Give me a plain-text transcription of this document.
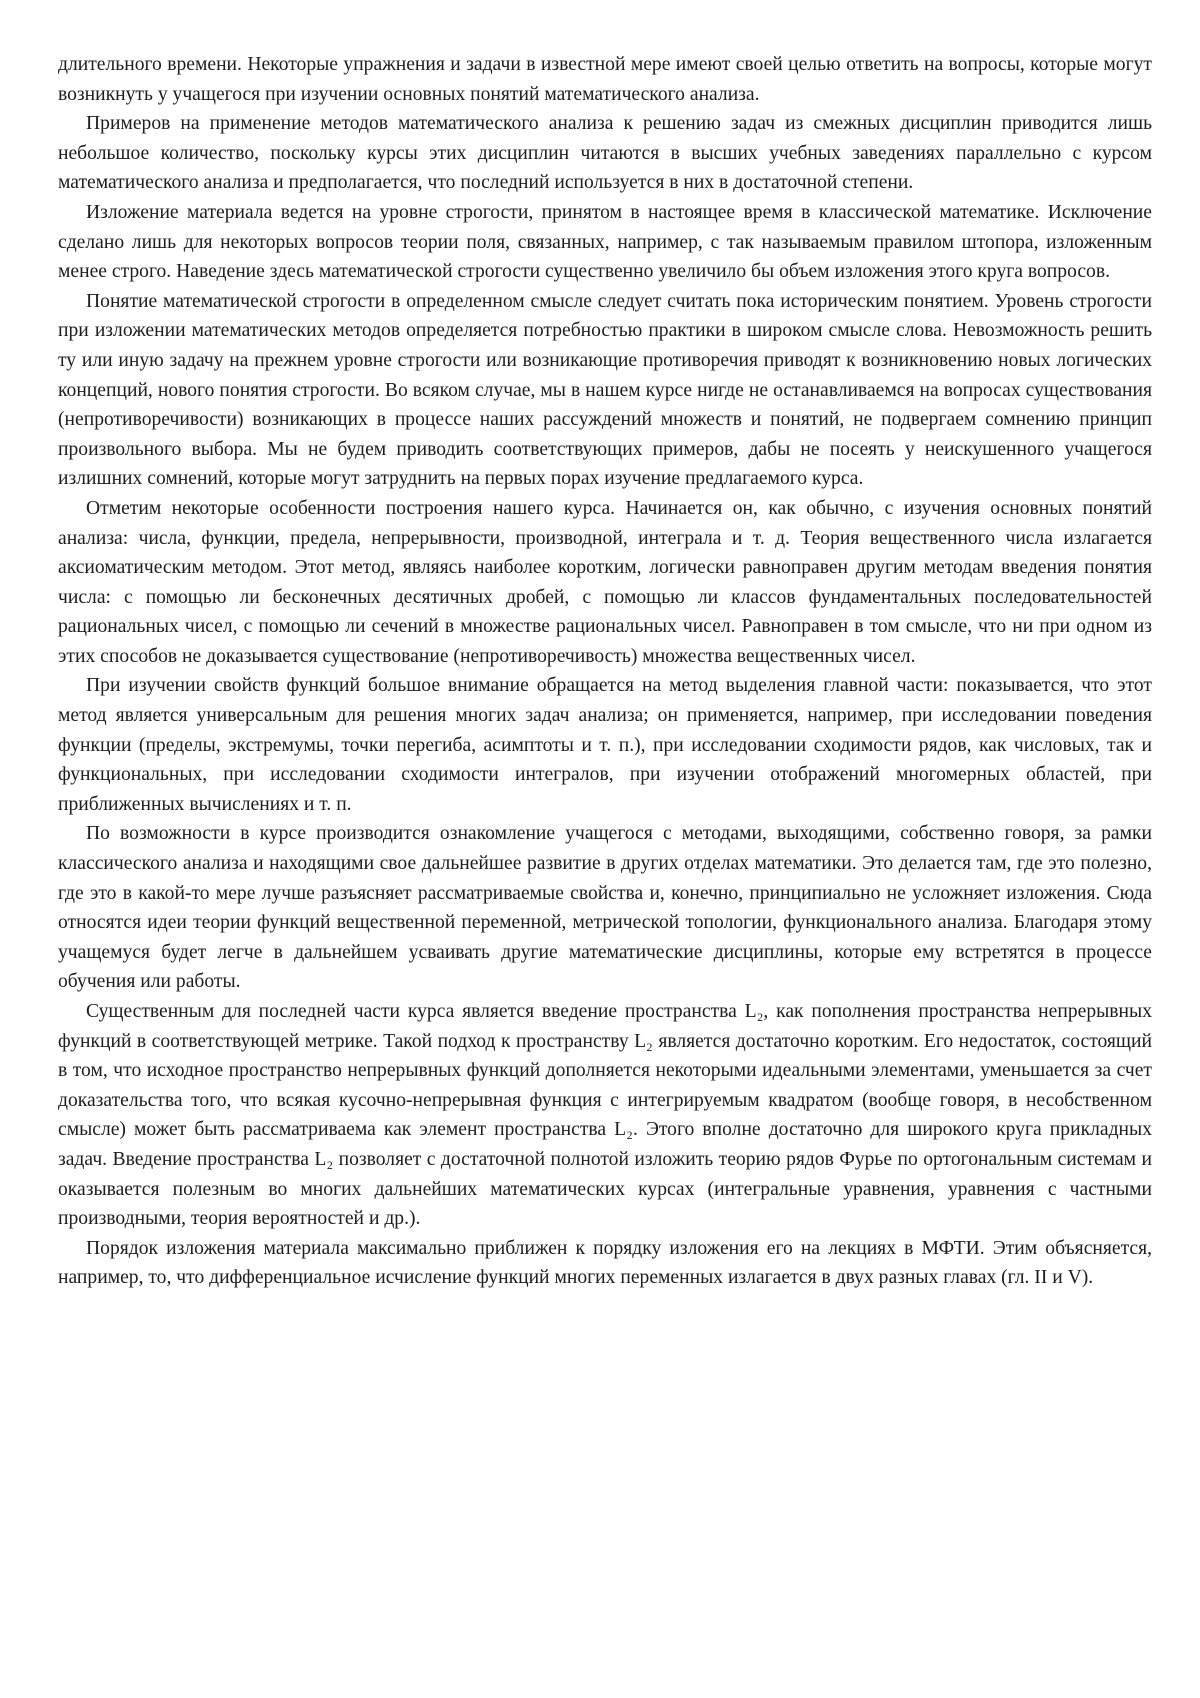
длительного времени. Некоторые упражнения и задачи в известной мере имеют своей целью ответить на вопросы, которые могут возникнуть у учащегося при изучении основных понятий математического анализа.

Примеров на применение методов математического анализа к решению задач из смежных дисциплин приводится лишь небольшое количество, поскольку курсы этих дисциплин читаются в высших учебных заведениях параллельно с курсом математического анализа и предполагается, что последний используется в них в достаточной степени.

Изложение материала ведется на уровне строгости, принятом в настоящее время в классической математике. Исключение сделано лишь для некоторых вопросов теории поля, связанных, например, с так называемым правилом штопора, изложенным менее строго. Наведение здесь математической строгости существенно увеличило бы объем изложения этого круга вопросов.

Понятие математической строгости в определенном смысле следует считать пока историческим понятием. Уровень строгости при изложении математических методов определяется потребностью практики в широком смысле слова. Невозможность решить ту или иную задачу на прежнем уровне строгости или возникающие противоречия приводят к возникновению новых логических концепций, нового понятия строгости. Во всяком случае, мы в нашем курсе нигде не останавливаемся на вопросах существования (непротиворечивости) возникающих в процессе наших рассуждений множеств и понятий, не подвергаем сомнению принцип произвольного выбора. Мы не будем приводить соответствующих примеров, дабы не посеять у неискушенного учащегося излишних сомнений, которые могут затруднить на первых порах изучение предлагаемого курса.

Отметим некоторые особенности построения нашего курса. Начинается он, как обычно, с изучения основных понятий анализа: числа, функции, предела, непрерывности, производной, интеграла и т. д. Теория вещественного числа излагается аксиоматическим методом. Этот метод, являясь наиболее коротким, логически равноправен другим методам введения понятия числа: с помощью ли бесконечных десятичных дробей, с помощью ли классов фундаментальных последовательностей рациональных чисел, с помощью ли сечений в множестве рациональных чисел. Равноправен в том смысле, что ни при одном из этих способов не доказывается существование (непротиворечивость) множества вещественных чисел.

При изучении свойств функций большое внимание обращается на метод выделения главной части: показывается, что этот метод является универсальным для решения многих задач анализа; он применяется, например, при исследовании поведения функции (пределы, экстремумы, точки перегиба, асимптоты и т. п.), при исследовании сходимости рядов, как числовых, так и функциональных, при исследовании сходимости интегралов, при изучении отображений многомерных областей, при приближенных вычислениях и т. п.

По возможности в курсе производится ознакомление учащегося с методами, выходящими, собственно говоря, за рамки классического анализа и находящими свое дальнейшее развитие в других отделах математики. Это делается там, где это полезно, где это в какой-то мере лучше разъясняет рассматриваемые свойства и, конечно, принципиально не усложняет изложения. Сюда относятся идеи теории функций вещественной переменной, метрической топологии, функционального анализа. Благодаря этому учащемуся будет легче в дальнейшем усваивать другие математические дисциплины, которые ему встретятся в процессе обучения или работы.

Существенным для последней части курса является введение пространства L₂, как пополнения пространства непрерывных функций в соответствующей метрике. Такой подход к пространству L₂ является достаточно коротким. Его недостаток, состоящий в том, что исходное пространство непрерывных функций дополняется некоторыми идеальными элементами, уменьшается за счет доказательства того, что всякая кусочно-непрерывная функция с интегрируемым квадратом (вообще говоря, в несобственном смысле) может быть рассматриваема как элемент пространства L₂. Этого вполне достаточно для широкого круга прикладных задач. Введение пространства L₂ позволяет с достаточной полнотой изложить теорию рядов Фурье по ортогональным системам и оказывается полезным во многих дальнейших математических курсах (интегральные уравнения, уравнения с частными производными, теория вероятностей и др.).

Порядок изложения материала максимально приближен к порядку изложения его на лекциях в МФТИ. Этим объясняется, например, то, что дифференциальное исчисление функций многих переменных излагается в двух разных главах (гл. II и V).
